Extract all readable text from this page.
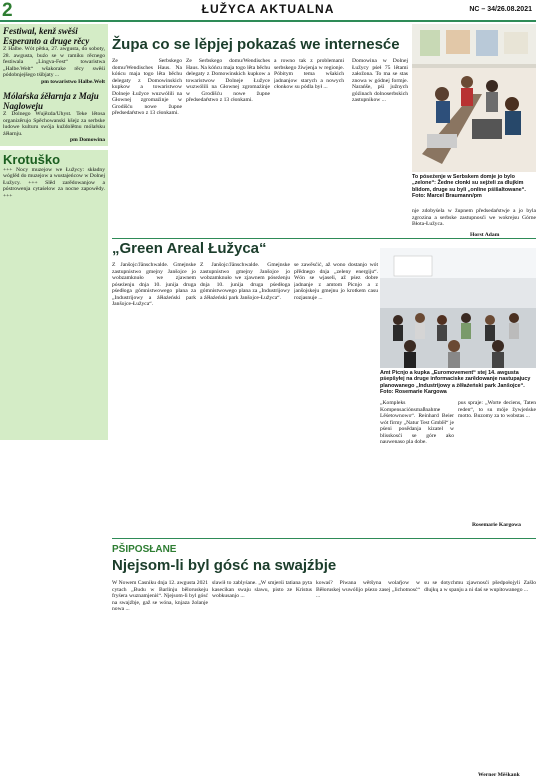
2	ŁUŽYCA AKTUALNA	NC – 34/26.08.2021
Festiwal, kenž swěśi Esperanto a druge rěcy

Z Halbe. Wót pětka, 27. awgusta, do soboty, 28. awgusta, buźo se w ramiku rěcnego festiwala „Lingva-Fest“ towaristwa „Halbe.Welt“ wšakorake rěcy swěśi pódobnjejšego tśibjaty ...

pm towaristwo Halbe.Welt

Mólaŕska źěłarnja z Maju Nagloweju

Z Dolnego Wujězda/Uhyst. Teke lětosa organizěrujo Spěchowanski kšejz za serbske ludowe kulturu swója kuždolětnu mólaŕsku źěłarnju.

pm Domowina

Krotuško

+++ Nocy muzejow we Łužycy: składny wóglěd do muzejow a wustajeńcow w Dolnej Łužycy. +++ Slěd zarědowanjow a póstrowenja cytaśelow za nocne zapowědy. +++

Župa co se lěpjej pokazaś we internesće
Ze Serbskego domu/Wendisches Haus. Na kóńcu maja togo lěta běchu delegaty z Domowinskich kupkow a towaristwow Dolneje Łužyce wuzwólili na Głownej zgromaźinje w Grodišću nowe župne předsedaŕstwo z 13 cłonkami.
Ze Serbskego domu/Wendisches Haus. Na kóńcu maja togo lěta běchu delegaty z Domowinskich kupkow a towaristwow Dolneje Łužyce wuzwólili na Głownej zgromaźinje w Grodišću nowe župne předsedaŕstwo z 13 cłonkami.
a rowno tak z problemami serbskego žiwjenja w regionje. Póbitym tema wšakich jadnanjow starych a nowych cłonkow su pódla był ...
Domowina w Dolnej Łužycy pśeł 75 lětami załožona. To ma se stas znowa w gódnej formje. Narańše, pśi južnych góźinach dolnoserbskich zastupnikow ...
To póseźenje w Serbskem domje jo bylo „zelone“: Žedne cłonki su sejźeli za dlujkim blidom, druge su byli „online pśišaltowane“. Foto: Marcel Braumann/pm
nje zdobyśela w župnem předsedaŕstwje a jo byla zgrozina a serbske zastupnosći we wokrejsu Górne Błota-Łužyca.
Horst Adam
„Green Areal Łužyca“
Z Janšojc/Jänschwalde. Gmejnske zastupnistwo gmejny Janšojce jo wobzamknuło we zjawnem póseźenju dnja 10. junija druga pśedłoga gómnistwowego plana za „Industrijowy a źěłaźeński park Janšojce-Łužyca“.
Z Janšojc/Jänschwalde. Gmejnske zastupnistwo gmejny Janšojce jo wobzamknuło we zjawnem póseźenju dnja 10. junija druga pśedłoga gómnistwowego plana za „Industrijowy a źěłaźeński park Janšojce-Łužyca“.
se zawěsćić, až wono dostanjo wót přědnego dnja „zeleny energiju“. Wón se wjaseli, až pśez dobre jadnanje z amtom Picnjo a z janšojskeju gmejnu jo krotkem casu rozjasnuje ...
Amt Picnjo a kupka „Euromovement“ stej 14. awgusta pśepšyłej na druge informaciske zarědowanje nastupajucy planowanego „Industrijowy a źěłaźeński park Janšojce“. Foto: Rosemarie Kargowa
„Kompleks Kompensaciónsmaßnahme Lěśetownowo“. Reinhard Beier wót firmy „Natur Test GmbH“ je pśeni posědanja kizatel w blisskosći se góre ako nauwenaso pla dobe.
pus spraje: „Worte deciens, Taten reden“, to su móje žywjeńske motto. Buzomy za to wobstas ...
Rosemarie Kargowa
PŠIPOSŁANE
Njejsom-li byl gósć na swajźbje
W Nowem Casniku dnja 12. awgusta 2021 cytach „Budu w Barlinju běloruskeju fryśera wuznamjeniś“. Njejsom-li byl gósć na swajźbje, gaž se wóna, knjaza žolanje nowa ...
slawił to zablyśane. „W smjerśi tatiana pyta kasecikan swaju slawu, pisto ze Kristus wobkusanjo ...
kowaś? Piwana wětšyna wolaŕjow w Běłoruskej wuwólijo pśezo zasej „lichotnosć“ ...
su se dotychmu zjawnosći pšedpołojyli Zašlo dlujkų a w spanju a ni daś se wupitowanego ...
Werner Měškank
